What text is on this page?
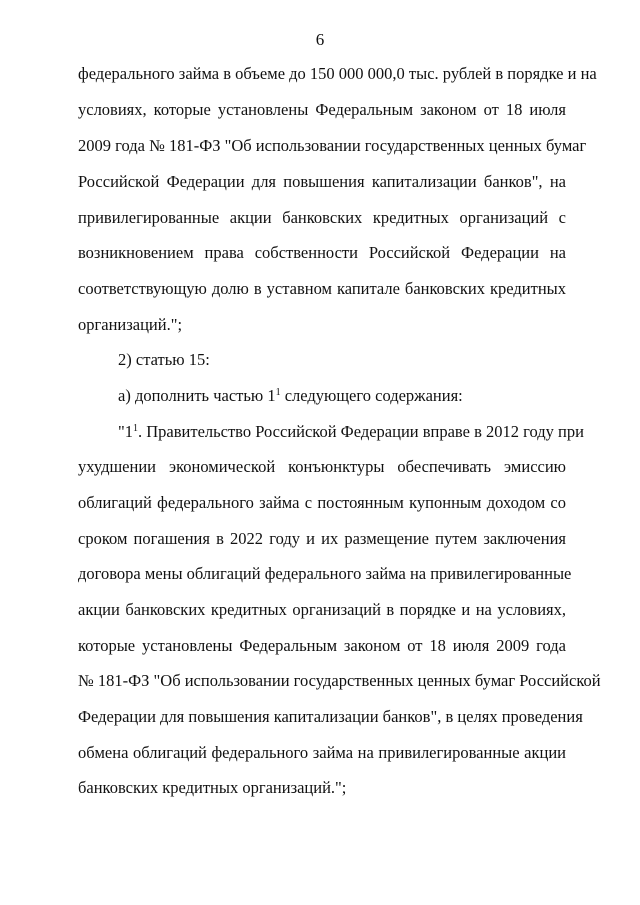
6
федерального займа в объеме до 150 000 000,0 тыс. рублей в порядке и на
условиях, которые установлены Федеральным законом от 18 июля
2009 года № 181-ФЗ "Об использовании государственных ценных бумаг
Российской Федерации для повышения капитализации банков", на
привилегированные акции банковских кредитных организаций с
возникновением права собственности Российской Федерации на
соответствующую долю в уставном капитале банковских кредитных
организаций.";
2) статью 15:
а) дополнить частью $1^1$ следующего содержания:
"$1^1$. Правительство Российской Федерации вправе в 2012 году при
ухудшении экономической конъюнктуры обеспечивать эмиссию
облигаций федерального займа с постоянным купонным доходом со
сроком погашения в 2022 году и их размещение путем заключения
договора мены облигаций федерального займа на привилегированные
акции банковских кредитных организаций в порядке и на условиях,
которые установлены Федеральным законом от 18 июля 2009 года
№ 181-ФЗ "Об использовании государственных ценных бумаг Российской
Федерации для повышения капитализации банков", в целях проведения
обмена облигаций федерального займа на привилегированные акции
банковских кредитных организаций.";
